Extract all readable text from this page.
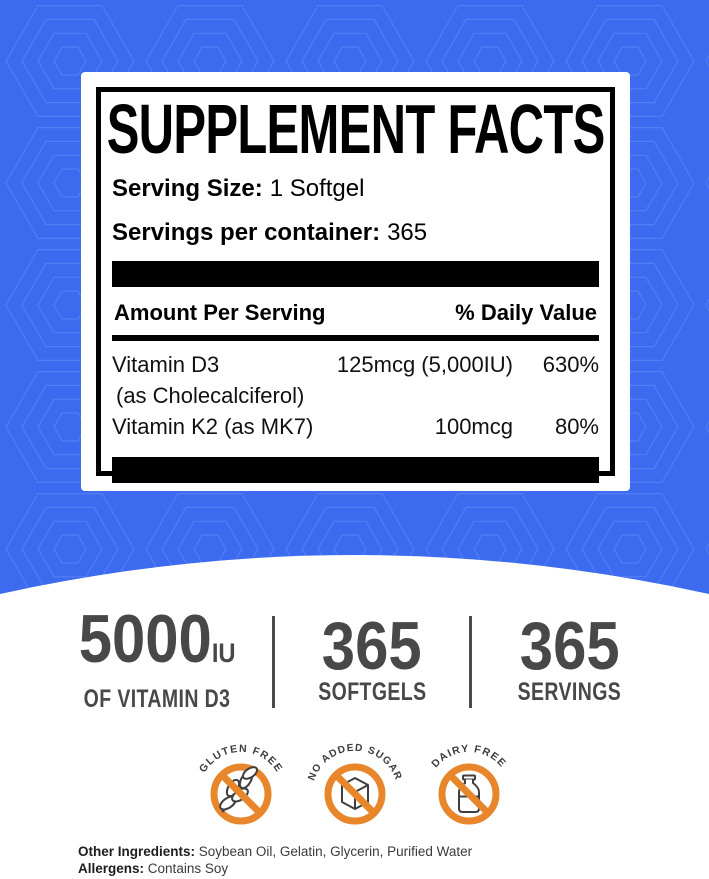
SUPPLEMENT FACTS
Serving Size: 1 Softgel
Servings per container: 365
Amount Per Serving	% Daily Value
Vitamin D3	125mcg (5,000IU)	630%
(as Cholecalciferol)
Vitamin K2 (as MK7)	100mcg	80%
5000IU
OF VITAMIN D3
365
SOFTGELS
365
SERVINGS
GLUTEN FREE
NO ADDED SUGAR
DAIRY FREE
Other Ingredients: Soybean Oil, Gelatin, Glycerin, Purified Water
Allergens: Contains Soy
